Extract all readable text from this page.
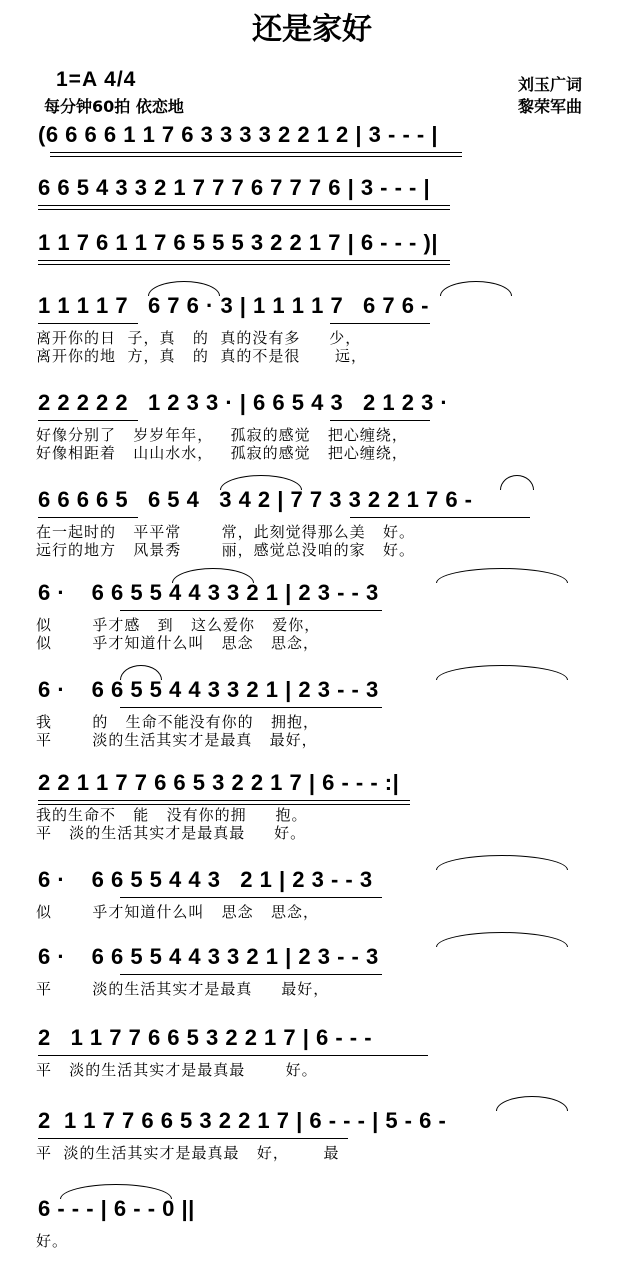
还是家好
1=A 4/4
每分钟60拍 依恋地
刘玉广词
黎荣军曲
(6 6 6 6 1 1 7 6 3 3 3 3 2 2 1 2 | 3 - - - |
6 6 5 4 3 3 2 1 7 7 7 6 7 7 7 6 | 3 - - - |
1 1 7 6 1 1 7 6 5 5 5 3 2 2 1 7 | 6 - - - )|
1 1 1 1 7   6 7 6 · 3 | 1 1 1 1 7   6 7 6 -
离开你的日  子，真   的  真的没有多     少，
离开你的地  方，真   的  真的不是很      远，
2 2 2 2 2   1 2 3 3 · | 6 6 5 4 3   2 1 2 3 ·
好像分别了   岁岁年年，   孤寂的感觉   把心缠绕，
好像相距着   山山水水，   孤寂的感觉   把心缠绕，
6 6 6 6 5   6 5 4   3 4 2 | 7 7 3 3 2 2 1 7 6 -
在一起时的   平平常       常，此刻觉得那么美   好。
远行的地方   风景秀       丽，感觉总没咱的家   好。
6 ·    6 6 5 5 4 4 3 3 2 1 | 2 3 - - 3
似       乎才感   到   这么爱你   爱你，
似       乎才知道什么叫   思念   思念，
6 ·    6 6 5 5 4 4 3 3 2 1 | 2 3 - - 3
我       的   生命不能没有你的   拥抱，
平       淡的生活其实才是最真   最好，
2 2 1 1 7 7 6 6 5 3 2 2 1 7 | 6 - - - :|
我的生命不   能   没有你的拥     抱。
平   淡的生活其实才是最真最     好。
6 ·    6 6 5 5 4 4 3   2 1 | 2 3 - - 3
似       乎才知道什么叫   思念   思念，
6 ·    6 6 5 5 4 4 3 3 2 1 | 2 3 - - 3
平       淡的生活其实才是最真     最好，
2   1 1 7 7 6 6 5 3 2 2 1 7 | 6 - - -
平   淡的生活其实才是最真最       好。
2  1 1 7 7 6 6 5 3 2 2 1 7 | 6 - - - | 5 - 6 -
平  淡的生活其实才是最真最   好，      最
6 - - - | 6 - - 0 ||
好。
